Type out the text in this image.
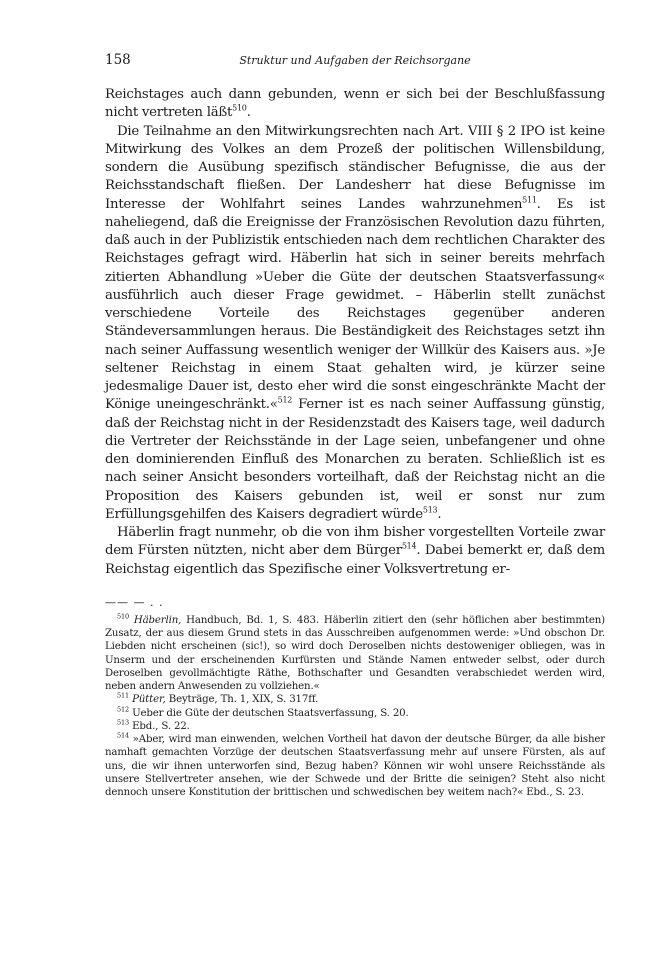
158	Struktur und Aufgaben der Reichsorgane

Reichstages auch dann gebunden, wenn er sich bei der Beschlußfassung nicht vertreten läßt$^{510}$.

Die Teilnahme an den Mitwirkungsrechten nach Art. VIII § 2 IPO ist keine Mitwirkung des Volkes an dem Prozeß der politischen Willensbildung, sondern die Ausübung spezifisch ständischer Befugnisse, die aus der Reichsstandschaft fließen. Der Landesherr hat diese Befugnisse im Interesse der Wohlfahrt seines Landes wahrzunehmen$^{511}$. Es ist naheliegend, daß die Ereignisse der Französischen Revolution dazu führten, daß auch in der Publizistik entschieden nach dem rechtlichen Charakter des Reichstages gefragt wird. Häberlin hat sich in seiner bereits mehrfach zitierten Abhandlung »Ueber die Güte der deutschen Staatsverfassung« ausführlich auch dieser Frage gewidmet. – Häberlin stellt zunächst verschiedene Vorteile des Reichstages gegenüber anderen Ständeversammlungen heraus. Die Beständigkeit des Reichstages setzt ihn nach seiner Auffassung wesentlich weniger der Willkür des Kaisers aus. »Je seltener Reichstag in einem Staat gehalten wird, je kürzer seine jedesmalige Dauer ist, desto eher wird die sonst eingeschränkte Macht der Könige uneingeschränkt.«$^{512}$ Ferner ist es nach seiner Auffassung günstig, daß der Reichstag nicht in der Residenzstadt des Kaisers tage, weil dadurch die Vertreter der Reichsstände in der Lage seien, unbefangener und ohne den dominierenden Einfluß des Monarchen zu beraten. Schließlich ist es nach seiner Ansicht besonders vorteilhaft, daß der Reichstag nicht an die Proposition des Kaisers gebunden ist, weil er sonst nur zum Erfüllungsgehilfen des Kaisers degradiert würde$^{513}$.

Häberlin fragt nunmehr, ob die von ihm bisher vorgestellten Vorteile zwar dem Fürsten nützten, nicht aber dem Bürger$^{514}$. Dabei bemerkt er, daß dem Reichstag eigentlich das Spezifische einer Volksvertretung er-

—— — . .

$^{510}$ Häberlin, Handbuch, Bd. 1, S. 483. Häberlin zitiert den (sehr höflichen aber bestimmten) Zusatz, der aus diesem Grund stets in das Ausschreiben aufgenommen werde: »Und obschon Dr. Liebden nicht erscheinen (sic!), so wird doch Deroselben nichts destoweniger obliegen, was in Unserm und der erscheinenden Kurfürsten und Stände Namen entweder selbst, oder durch Deroselben gevollmächtigte Räthe, Bothschafter und Gesandten verabschiedet werden wird, neben andern Anwesenden zu vollziehen.«

$^{511}$ Pütter, Beyträge, Th. 1, XIX, S. 317ff.

$^{512}$ Ueber die Güte der deutschen Staatsverfassung, S. 20.

$^{513}$ Ebd., S. 22.

$^{514}$ »Aber, wird man einwenden, welchen Vortheil hat davon der deutsche Bürger, da alle bisher namhaft gemachten Vorzüge der deutschen Staatsverfassung mehr auf unsere Fürsten, als auf uns, die wir ihnen unterworfen sind, Bezug haben? Können wir wohl unsere Reichsstände als unsere Stellvertreter ansehen, wie der Schwede und der Britte die seinigen? Steht also nicht dennoch unsere Konstitution der brittischen und schwedischen bey weitem nach?« Ebd., S. 23.
